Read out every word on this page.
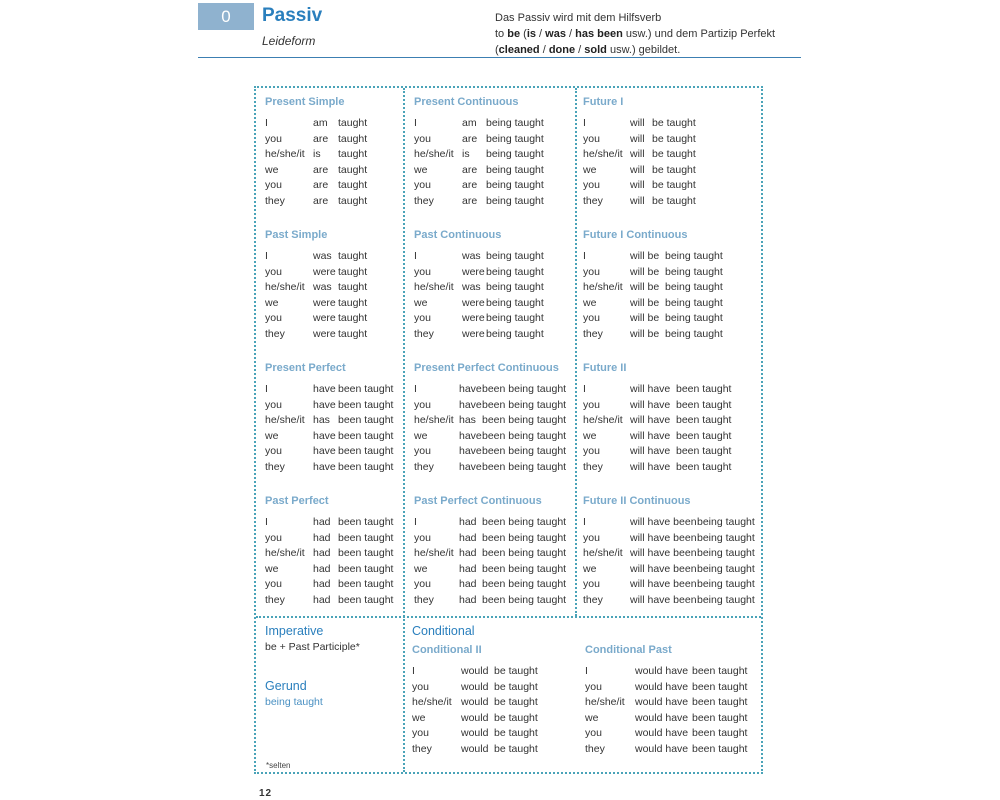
0	Passiv
Leideform
Das Passiv wird mit dem Hilfsverb
to be (is / was / has been usw.) und dem Partizip Perfekt
(cleaned / done / sold usw.) gebildet.
Present Simple
I	am taught
you	are taught
he/she/it is taught
we	are taught
you	are taught
they	are taught
Present Continuous
I	am being taught
you	are being taught
he/she/it is being taught
we	are being taught
you	are being taught
they	are being taught
Future I
I	will be taught
you	will be taught
he/she/it will be taught
we	will be taught
you	will be taught
they	will be taught
Past Simple
I	was taught
you	were taught
he/she/it was taught
we	were taught
you	were taught
they	were taught
Past Continuous
I	was being taught
you	were being taught
he/she/it was being taught
we	were being taught
you	were being taught
they	were being taught
Future I Continuous
I	will be being taught
you	will be being taught
he/she/it will be being taught
we	will be being taught
you	will be being taught
they	will be being taught
Present Perfect
I	have been taught
you	have been taught
he/she/it has been taught
we	have been taught
you	have been taught
they	have been taught
Present Perfect Continuous
I	have been being taught
you	have been being taught
he/she/it has been being taught
we	have been being taught
you	have been being taught
they have been being taught
Future II
I	will have been taught
you	will have been taught
he/she/it will have been taught
we	will have been taught
you	will have been taught
they	will have been taught
Past Perfect
I	had been taught
you	had been taught
he/she/it had been taught
we	had been taught
you	had been taught
they	had been taught
Past Perfect Continuous
I	had been being taught
you	had been being taught
he/she/it had been being taught
we	had been being taught
you	had been being taught
they had been being taught
Future II Continuous
I	will have been being taught
you	will have been being taught
he/she/it will have been being taught
we	will have been being taught
you	will have been being taught
they	will have been being taught
Conditional II
I	would be taught
you	would be taught
he/she/it would be taught
we	would be taught
you	would be taught
they	would be taught
Conditional Past
I	would have been taught
you	would have been taught
he/she/it would have been taught
we	would have been taught
you	would have been taught
they	would have been taught
Imperative
be + Past Participle*
Gerund
being taught
*selten
Conditional
12
